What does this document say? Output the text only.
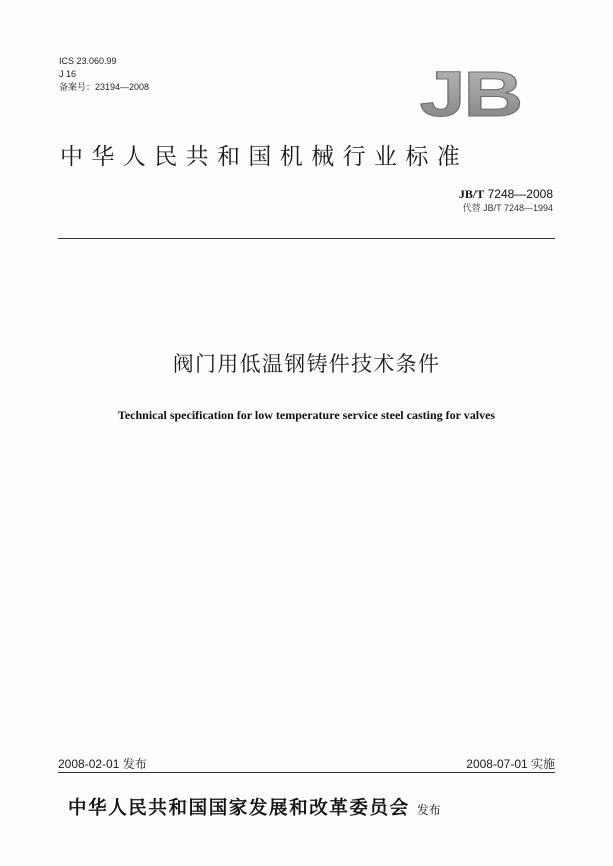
ICS 23.060.99
J 16
备案号：23194—2008	JB
中华人民共和国机械行业标准
JB/T 7248—2008
代替 JB/T 7248—1994
阀门用低温钢铸件技术条件
Technical specification for low temperature service steel casting for valves
2008-02-01 发布	2008-07-01 实施
中华人民共和国国家发展和改革委员会 发布
